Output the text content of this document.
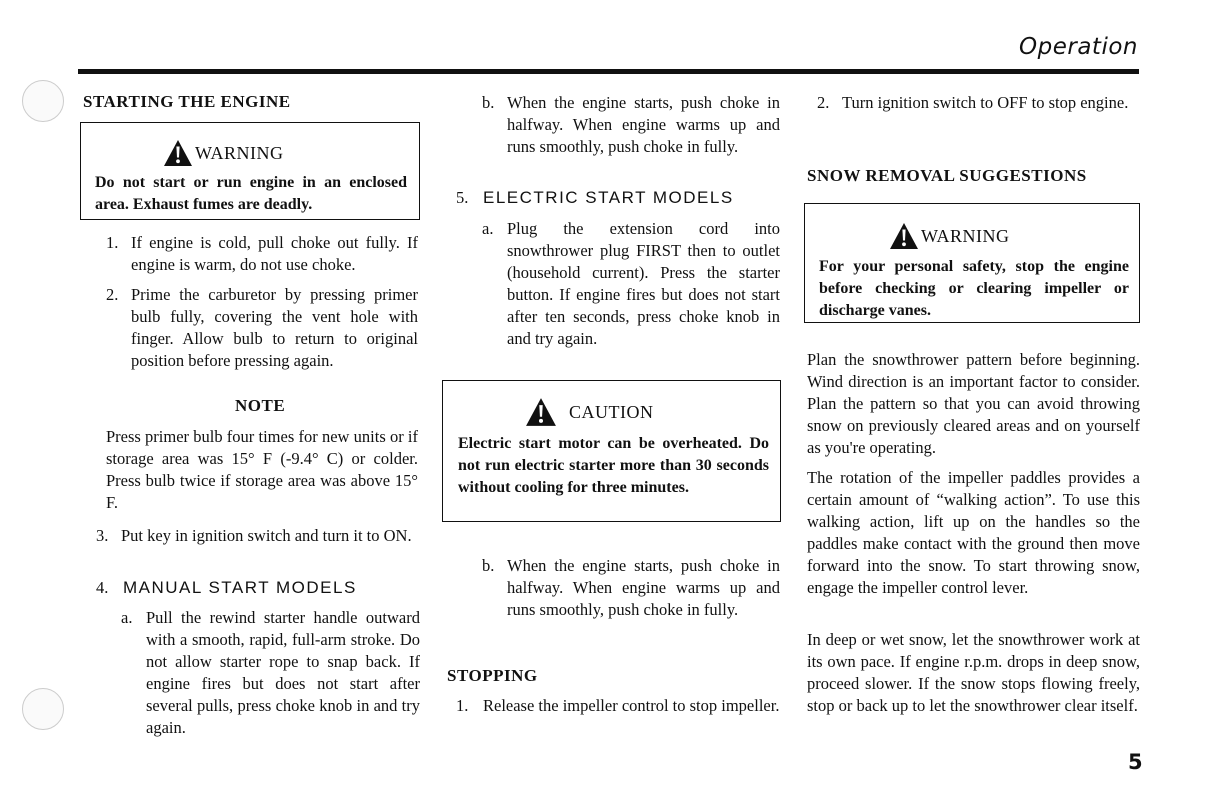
Operation
STARTING THE ENGINE
WARNING

Do not start or run engine in an enclosed area. Exhaust fumes are deadly.

1. If engine is cold, pull choke out fully. If engine is warm, do not use choke.
2. Prime the carburetor by pressing primer bulb fully, covering the vent hole with finger. Allow bulb to return to original position before pressing again.
NOTE

Press primer bulb four times for new units or if storage area was 15° F (-9.4° C) or colder. Press bulb twice if storage area was above 15° F.

3. Put key in ignition switch and turn it to ON.
4. MANUAL START MODELS
a. Pull the rewind starter handle outward with a smooth, rapid, full-arm stroke. Do not allow starter rope to snap back. If engine fires but does not start after several pulls, press choke knob in and try again.
b. When the engine starts, push choke in halfway. When engine warms up and runs smoothly, push choke in fully.
5. ELECTRIC START MODELS
a. Plug the extension cord into snowthrower plug FIRST then to outlet (household current). Press the starter button. If engine fires but does not start after ten seconds, press choke knob in and try again.
CAUTION

Electric start motor can be overheated. Do not run electric starter more than 30 seconds without cooling for three minutes.

b. When the engine starts, push choke in halfway. When engine warms up and runs smoothly, push choke in fully.
STOPPING
1. Release the impeller control to stop impeller.
2. Turn ignition switch to OFF to stop engine.
SNOW REMOVAL SUGGESTIONS
WARNING

For your personal safety, stop the engine before checking or clearing impeller or discharge vanes.

Plan the snowthrower pattern before beginning. Wind direction is an important factor to consider. Plan the pattern so that you can avoid throwing snow on previously cleared areas and on yourself as you're operating.

The rotation of the impeller paddles provides a certain amount of “walking action”. To use this walking action, lift up on the handles so the paddles make contact with the ground then move forward into the snow. To start throwing snow, engage the impeller control lever.

In deep or wet snow, let the snowthrower work at its own pace. If engine r.p.m. drops in deep snow, proceed slower. If the snow stops flowing freely, stop or back up to let the snowthrower clear itself.

5
